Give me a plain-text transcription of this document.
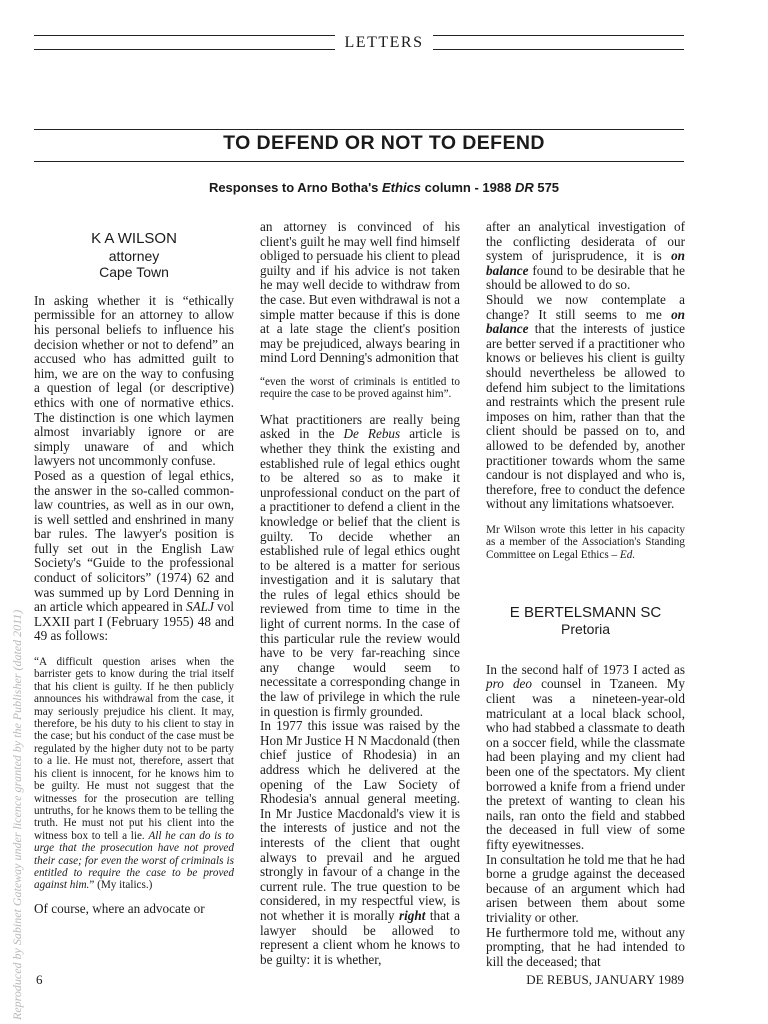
LETTERS
TO DEFEND OR NOT TO DEFEND
Responses to Arno Botha's Ethics column - 1988 DR 575
K A WILSON
attorney
Cape Town

In asking whether it is “ethically permissible for an attorney to allow his personal beliefs to influence his decision whether or not to defend” an accused who has admitted guilt to him, we are on the way to confusing a question of legal (or descriptive) ethics with one of normative ethics. The distinction is one which laymen almost invariably ignore or are simply unaware of and which lawyers not uncommonly confuse.

Posed as a question of legal ethics, the answer in the so-called common-law countries, as well as in our own, is well settled and enshrined in many bar rules. The lawyer's position is fully set out in the English Law Society's “Guide to the professional conduct of solicitors” (1974) 62 and was summed up by Lord Denning in an article which appeared in SALJ vol LXXII part I (February 1955) 48 and 49 as follows:

“A difficult question arises when the barrister gets to know during the trial itself that his client is guilty. If he then publicly announces his withdrawal from the case, it may seriously prejudice his client. It may, therefore, be his duty to his client to stay in the case; but his conduct of the case must be regulated by the higher duty not to be party to a lie. He must not, therefore, assert that his client is innocent, for he knows him to be guilty. He must not suggest that the witnesses for the prosecution are telling untruths, for he knows them to be telling the truth. He must not put his client into the witness box to tell a lie. All he can do is to urge that the prosecution have not proved their case; for even the worst of criminals is entitled to require the case to be proved against him.” (My italics.)

Of course, where an advocate or

an attorney is convinced of his client's guilt he may well find himself obliged to persuade his client to plead guilty and if his advice is not taken he may well decide to withdraw from the case. But even withdrawal is not a simple matter because if this is done at a late stage the client's position may be prejudiced, always bearing in mind Lord Denning's admonition that

“even the worst of criminals is entitled to require the case to be proved against him”.

What practitioners are really being asked in the De Rebus article is whether they think the existing and established rule of legal ethics ought to be altered so as to make it unprofessional conduct on the part of a practitioner to defend a client in the knowledge or belief that the client is guilty. To decide whether an established rule of legal ethics ought to be altered is a matter for serious investigation and it is salutary that the rules of legal ethics should be reviewed from time to time in the light of current norms. In the case of this particular rule the review would have to be very far-reaching since any change would seem to necessitate a corresponding change in the law of privilege in which the rule in question is firmly grounded.

In 1977 this issue was raised by the Hon Mr Justice H N Macdonald (then chief justice of Rhodesia) in an address which he delivered at the opening of the Law Society of Rhodesia's annual general meeting. In Mr Justice Macdonald's view it is the interests of justice and not the interests of the client that ought always to prevail and he argued strongly in favour of a change in the current rule. The true question to be considered, in my respectful view, is not whether it is morally right that a lawyer should be allowed to represent a client whom he knows to be guilty: it is whether,

after an analytical investigation of the conflicting desiderata of our system of jurisprudence, it is on balance found to be desirable that he should be allowed to do so.

Should we now contemplate a change? It still seems to me on balance that the interests of justice are better served if a practitioner who knows or believes his client is guilty should nevertheless be allowed to defend him subject to the limitations and restraints which the present rule imposes on him, rather than that the client should be passed on to, and allowed to be defended by, another practitioner towards whom the same candour is not displayed and who is, therefore, free to conduct the defence without any limitations whatsoever.

Mr Wilson wrote this letter in his capacity as a member of the Association's Standing Committee on Legal Ethics – Ed.

E BERTELSMANN SC
Pretoria

In the second half of 1973 I acted as pro deo counsel in Tzaneen. My client was a nineteen-year-old matriculant at a local black school, who had stabbed a classmate to death on a soccer field, while the classmate had been playing and my client had been one of the spectators. My client borrowed a knife from a friend under the pretext of wanting to clean his nails, ran onto the field and stabbed the deceased in full view of some fifty eyewitnesses.

In consultation he told me that he had borne a grudge against the deceased because of an argument which had arisen between them about some triviality or other.

He furthermore told me, without any prompting, that he had intended to kill the deceased; that

6	DE REBUS, JANUARY 1989
Reproduced by Sabinet Gateway under licence granted by the Publisher (dated 2011)
